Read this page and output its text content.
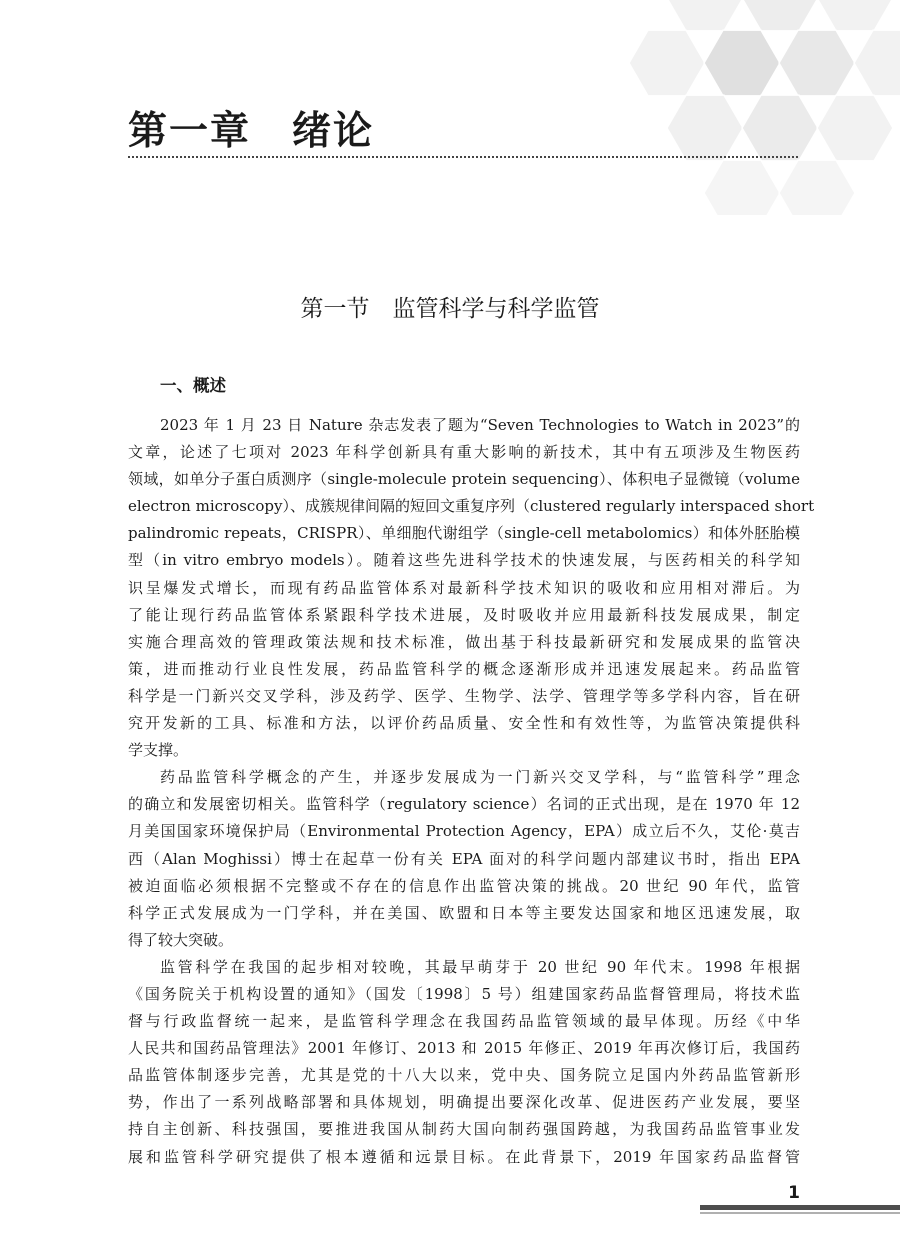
第一章　绪论
第一节　监管科学与科学监管
一、概述

2023 年 1 月 23 日 Nature 杂志发表了题为“Seven Technologies to Watch in 2023”的
文章，论述了七项对 2023 年科学创新具有重大影响的新技术，其中有五项涉及生物医药
领域，如单分子蛋白质测序（single-molecule protein sequencing）、体积电子显微镜（volume
electron microscopy）、成簇规律间隔的短回文重复序列（clustered regularly interspaced short
palindromic repeats，CRISPR）、单细胞代谢组学（single-cell metabolomics）和体外胚胎模
型（in vitro embryo models）。随着这些先进科学技术的快速发展，与医药相关的科学知
识呈爆发式增长，而现有药品监管体系对最新科学技术知识的吸收和应用相对滞后。为
了能让现行药品监管体系紧跟科学技术进展，及时吸收并应用最新科技发展成果，制定
实施合理高效的管理政策法规和技术标准，做出基于科技最新研究和发展成果的监管决
策，进而推动行业良性发展，药品监管科学的概念逐渐形成并迅速发展起来。药品监管
科学是一门新兴交叉学科，涉及药学、医学、生物学、法学、管理学等多学科内容，旨在研
究开发新的工具、标准和方法，以评价药品质量、安全性和有效性等，为监管决策提供科
学支撑。

药品监管科学概念的产生，并逐步发展成为一门新兴交叉学科，与“监管科学”理念
的确立和发展密切相关。监管科学（regulatory science）名词的正式出现，是在 1970 年 12
月美国国家环境保护局（Environmental Protection Agency，EPA）成立后不久，艾伦·莫吉
西（Alan Moghissi）博士在起草一份有关 EPA 面对的科学问题内部建议书时，指出 EPA
被迫面临必须根据不完整或不存在的信息作出监管决策的挑战。20 世纪 90 年代，监管
科学正式发展成为一门学科，并在美国、欧盟和日本等主要发达国家和地区迅速发展，取
得了较大突破。

监管科学在我国的起步相对较晚，其最早萌芽于 20 世纪 90 年代末。1998 年根据
《国务院关于机构设置的通知》（国发〔1998〕5 号）组建国家药品监督管理局，将技术监
督与行政监督统一起来，是监管科学理念在我国药品监管领域的最早体现。历经《中华
人民共和国药品管理法》2001 年修订、2013 和 2015 年修正、2019 年再次修订后，我国药
品监管体制逐步完善，尤其是党的十八大以来，党中央、国务院立足国内外药品监管新形
势，作出了一系列战略部署和具体规划，明确提出要深化改革、促进医药产业发展，要坚
持自主创新、科技强国，要推进我国从制药大国向制药强国跨越，为我国药品监管事业发
展和监管科学研究提供了根本遵循和远景目标。在此背景下，2019 年国家药品监督管

1
